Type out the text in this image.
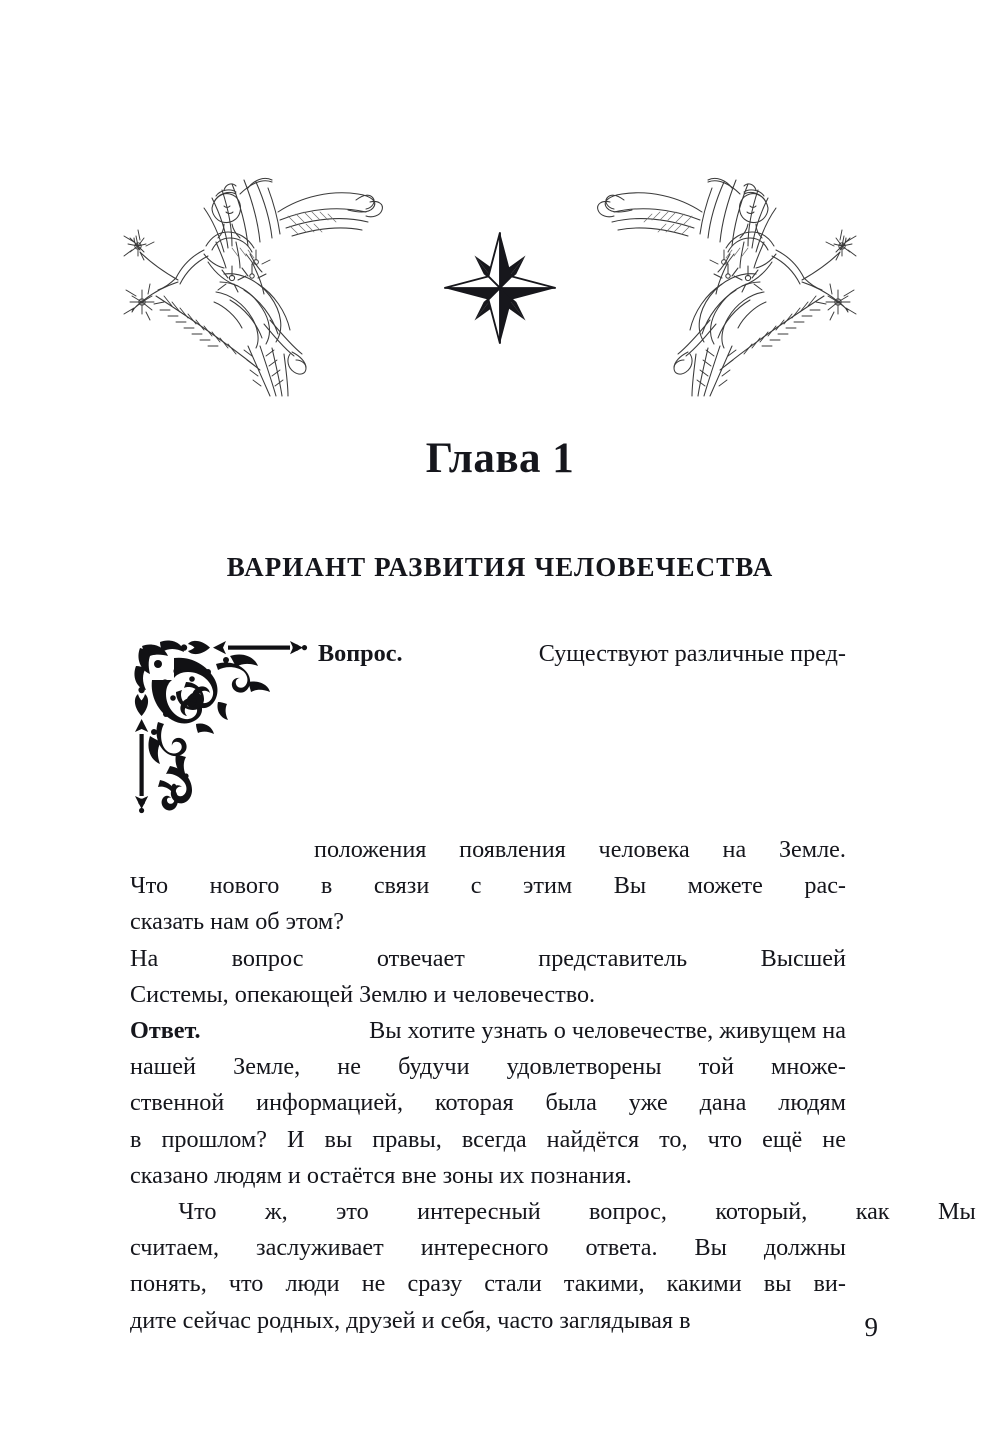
Глава 1
ВАРИАНТ РАЗВИТИЯ ЧЕЛОВЕЧЕСТВА

Вопрос.	Существуют различные пред-
положения появления человека на Земле.
Что нового в связи с этим Вы можете рас-
сказать нам об этом?

На	вопрос	отвечает	представитель	Высшей
Системы, опекающей Землю и человечество.

Ответ.	Вы хотите узнать о человечестве, живущем на
нашей Земле, не будучи удовлетворены той множе-
ственной информацией, которая была уже дана людям
в прошлом? И вы правы, всегда найдётся то, что ещё не
сказано людям и остаётся вне зоны их познания.

Что	ж,	это	интересный	вопрос,	который,	как	Мы
считаем, заслуживает интересного ответа. Вы должны
понять, что люди не сразу стали такими, какими вы ви-
дите сейчас родных, друзей и себя, часто заглядывая в	9
